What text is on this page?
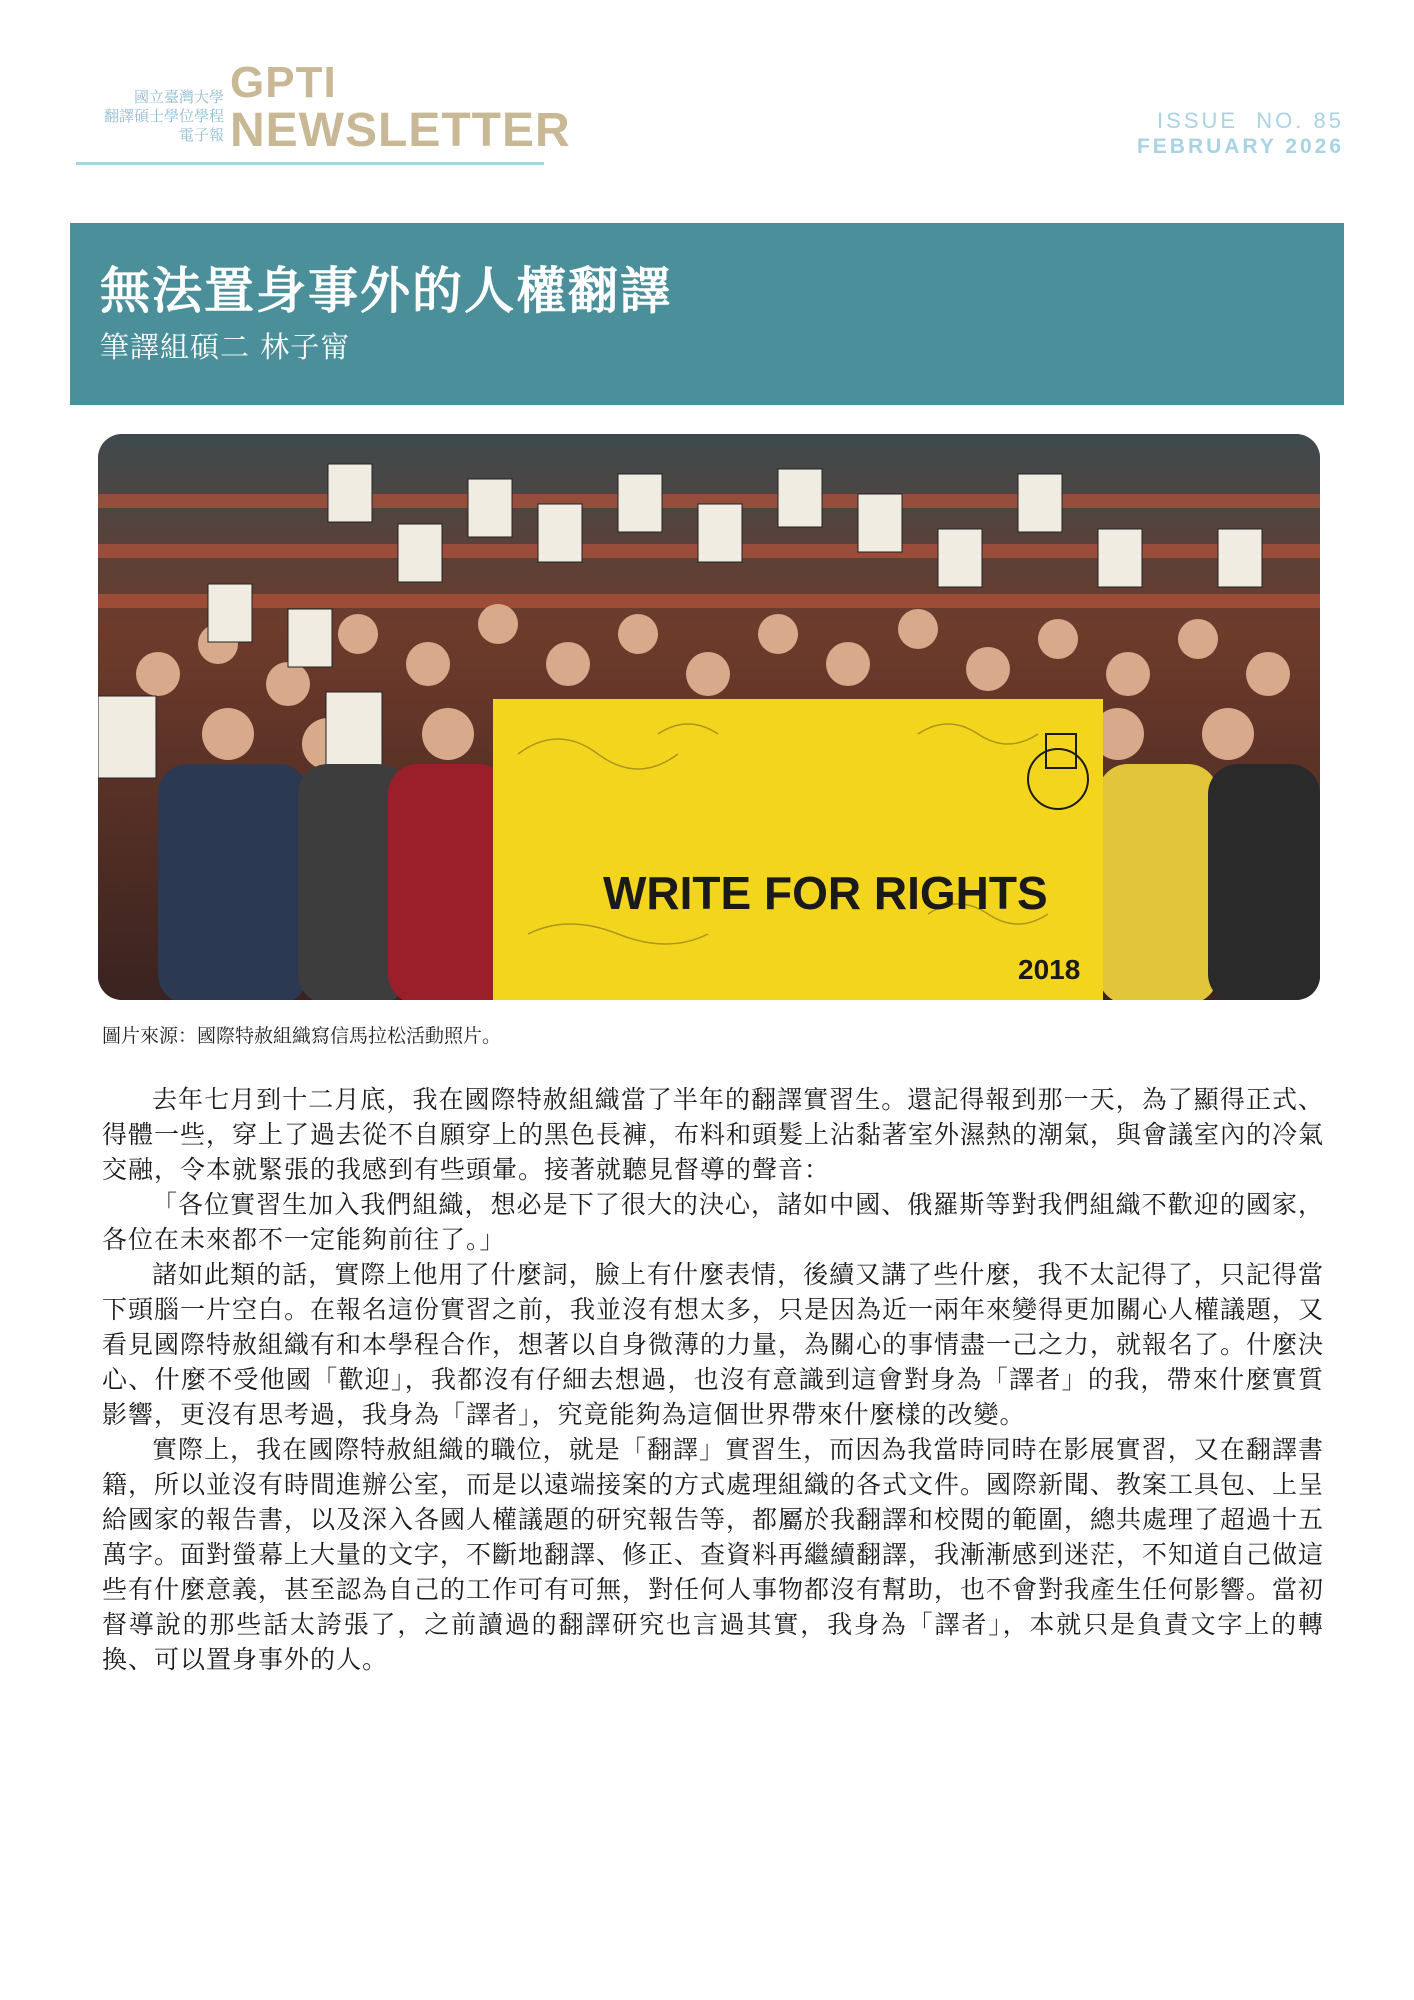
國立臺灣大學
翻譯碩士學位學程
電子報
GPTI
NEWSLETTER	ISSUE  NO. 85
FEBRUARY 2026
無法置身事外的人權翻譯
筆譯組碩二 林子甯
WRITE FOR RIGHTS
2018
圖片來源：國際特赦組織寫信馬拉松活動照片。

去年七月到十二月底，我在國際特赦組織當了半年的翻譯實習生。還記得報到那一天，為了顯得正式、得體一些，穿上了過去從不自願穿上的黑色長褲，布料和頭髮上沾黏著室外濕熱的潮氣，與會議室內的冷氣交融，令本就緊張的我感到有些頭暈。接著就聽見督導的聲音：

「各位實習生加入我們組織，想必是下了很大的決心，諸如中國、俄羅斯等對我們組織不歡迎的國家，各位在未來都不一定能夠前往了。」

諸如此類的話，實際上他用了什麼詞，臉上有什麼表情，後續又講了些什麼，我不太記得了，只記得當下頭腦一片空白。在報名這份實習之前，我並沒有想太多，只是因為近一兩年來變得更加關心人權議題，又看見國際特赦組織有和本學程合作，想著以自身微薄的力量，為關心的事情盡一己之力，就報名了。什麼決心、什麼不受他國「歡迎」，我都沒有仔細去想過，也沒有意識到這會對身為「譯者」的我，帶來什麼實質影響，更沒有思考過，我身為「譯者」，究竟能夠為這個世界帶來什麼樣的改變。

實際上，我在國際特赦組織的職位，就是「翻譯」實習生，而因為我當時同時在影展實習，又在翻譯書籍，所以並沒有時間進辦公室，而是以遠端接案的方式處理組織的各式文件。國際新聞、教案工具包、上呈給國家的報告書，以及深入各國人權議題的研究報告等，都屬於我翻譯和校閱的範圍，總共處理了超過十五萬字。面對螢幕上大量的文字，不斷地翻譯、修正、查資料再繼續翻譯，我漸漸感到迷茫，不知道自己做這些有什麼意義，甚至認為自己的工作可有可無，對任何人事物都沒有幫助，也不會對我產生任何影響。當初督導說的那些話太誇張了，之前讀過的翻譯研究也言過其實，我身為「譯者」，本就只是負責文字上的轉換、可以置身事外的人。
